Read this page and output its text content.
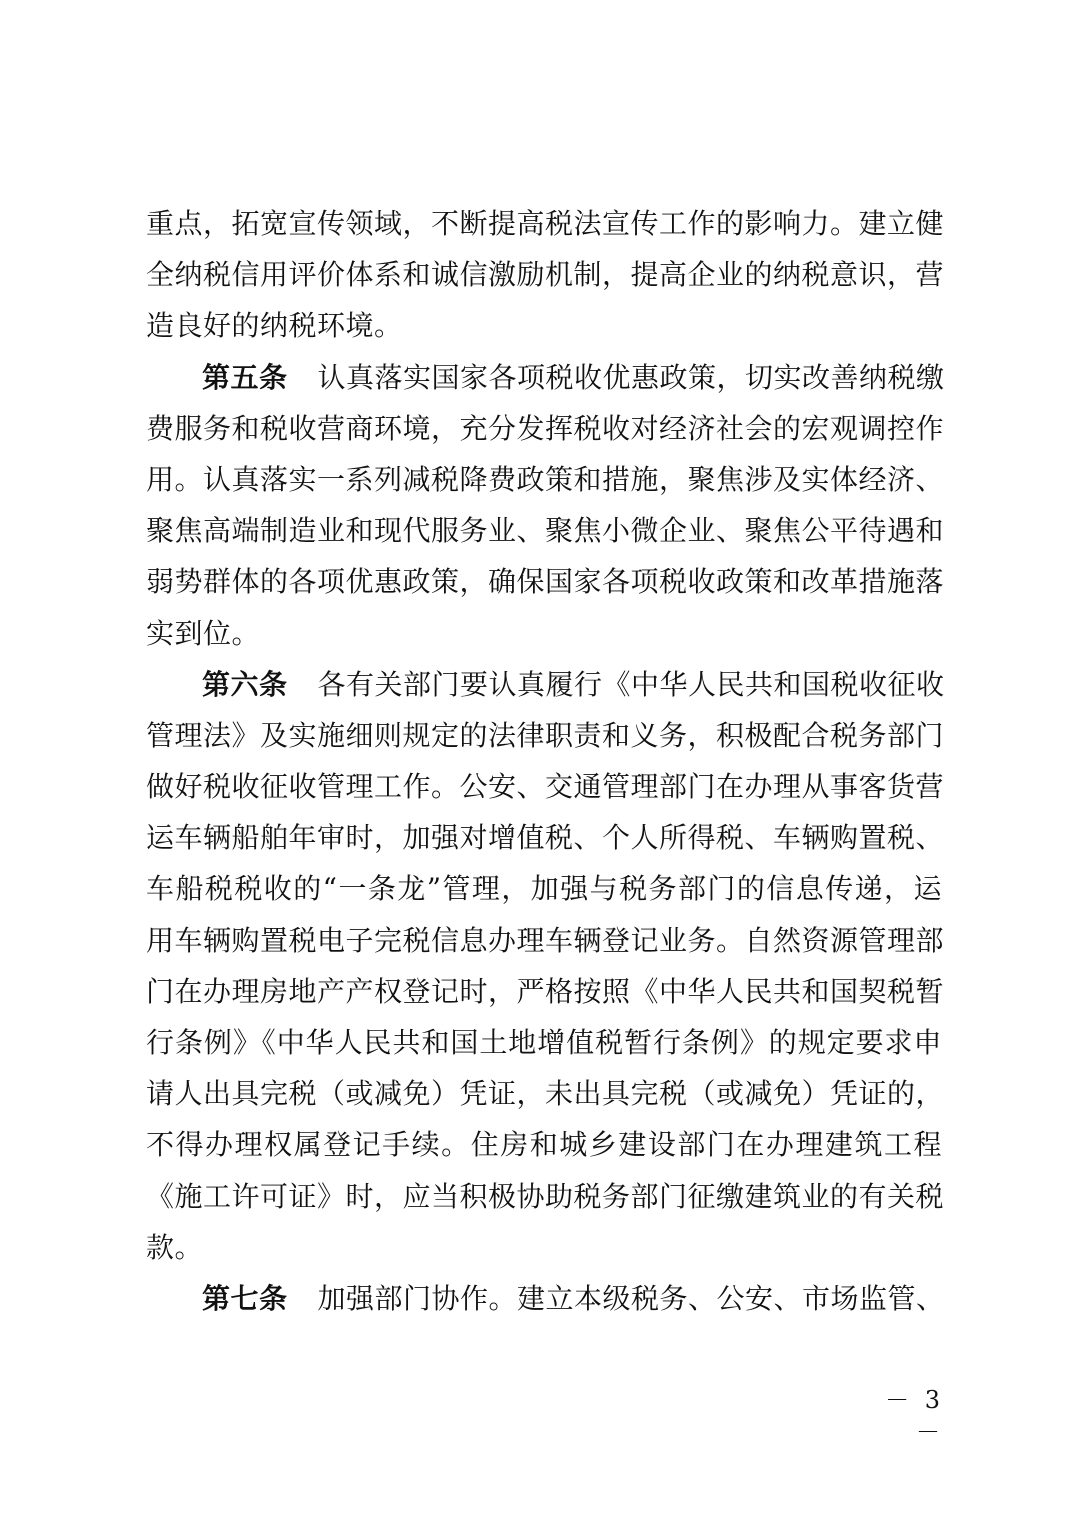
重点，拓宽宣传领域，不断提高税法宣传工作的影响力。建立健
全纳税信用评价体系和诚信激励机制，提高企业的纳税意识，营
造良好的纳税环境。
第五条 认真落实国家各项税收优惠政策，切实改善纳税缴
费服务和税收营商环境，充分发挥税收对经济社会的宏观调控作
用。认真落实一系列减税降费政策和措施，聚焦涉及实体经济、
聚焦高端制造业和现代服务业、聚焦小微企业、聚焦公平待遇和
弱势群体的各项优惠政策，确保国家各项税收政策和改革措施落
实到位。
第六条 各有关部门要认真履行《中华人民共和国税收征收
管理法》及实施细则规定的法律职责和义务，积极配合税务部门
做好税收征收管理工作。公安、交通管理部门在办理从事客货营
运车辆船舶年审时，加强对增值税、个人所得税、车辆购置税、
车船税税收的“一条龙”管理，加强与税务部门的信息传递，运
用车辆购置税电子完税信息办理车辆登记业务。自然资源管理部
门在办理房地产产权登记时，严格按照《中华人民共和国契税暂
行条例》《中华人民共和国土地增值税暂行条例》的规定要求申
请人出具完税（或减免）凭证，未出具完税（或减免）凭证的，
不得办理权属登记手续。住房和城乡建设部门在办理建筑工程
《施工许可证》时，应当积极协助税务部门征缴建筑业的有关税
款。
第七条 加强部门协作。建立本级税务、公安、市场监管、
－ 3 －
